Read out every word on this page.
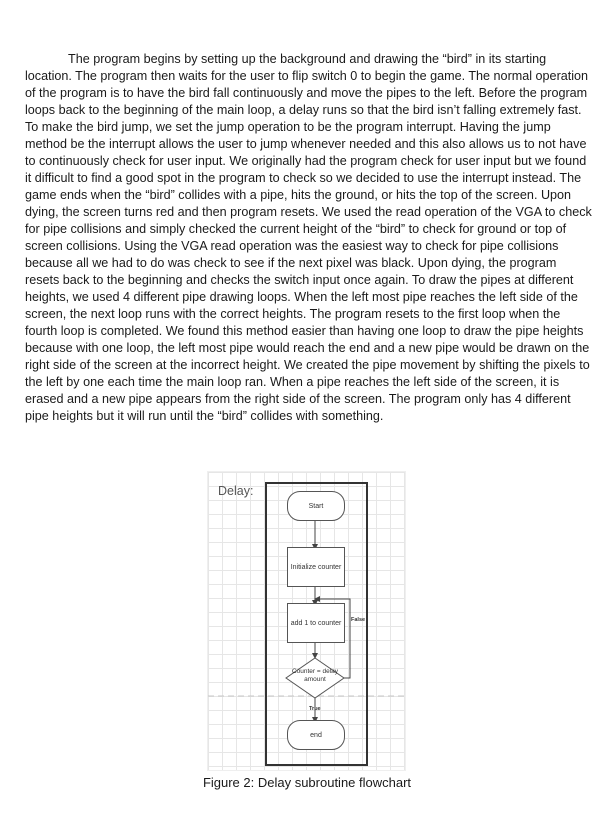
The program begins by setting up the background and drawing the “bird” in its starting location. The program then waits for the user to flip switch 0 to begin the game. The normal operation of the program is to have the bird fall continuously and move the pipes to the left. Before the program loops back to the beginning of the main loop, a delay runs so that the bird isn’t falling extremely fast. To make the bird jump, we set the jump operation to be the program interrupt. Having the jump method be the interrupt allows the user to jump whenever needed and this also allows us to not have to continuously check for user input. We originally had the program check for user input but we found it difficult to find a good spot in the program to check so we decided to use the interrupt instead. The game ends when the “bird” collides with a pipe, hits the ground, or hits the top of the screen. Upon dying, the screen turns red and then program resets. We used the read operation of the VGA to check for pipe collisions and simply checked the current height of the “bird” to check for ground or top of screen collisions. Using the VGA read operation was the easiest way to check for pipe collisions because all we had to do was check to see if the next pixel was black. Upon dying, the program resets back to the beginning and checks the switch input once again. To draw the pipes at different heights, we used 4 different pipe drawing loops. When the left most pipe reaches the left side of the screen, the next loop runs with the correct heights. The program resets to the first loop when the fourth loop is completed. We found this method easier than having one loop to draw the pipe heights because with one loop, the left most pipe would reach the end and a new pipe would be drawn on the right side of the screen at the incorrect height. We created the pipe movement by shifting the pixels to the left by one each time the main loop ran. When a pipe reaches the left side of the screen, it is erased and a new pipe appears from the right side of the screen. The program only has 4 different pipe heights but it will run until the “bird” collides with something.

Delay:
Start
Initialize counter
add 1 to counter
Counter = delay amount
False
True
end
Figure 2: Delay subroutine flowchart
